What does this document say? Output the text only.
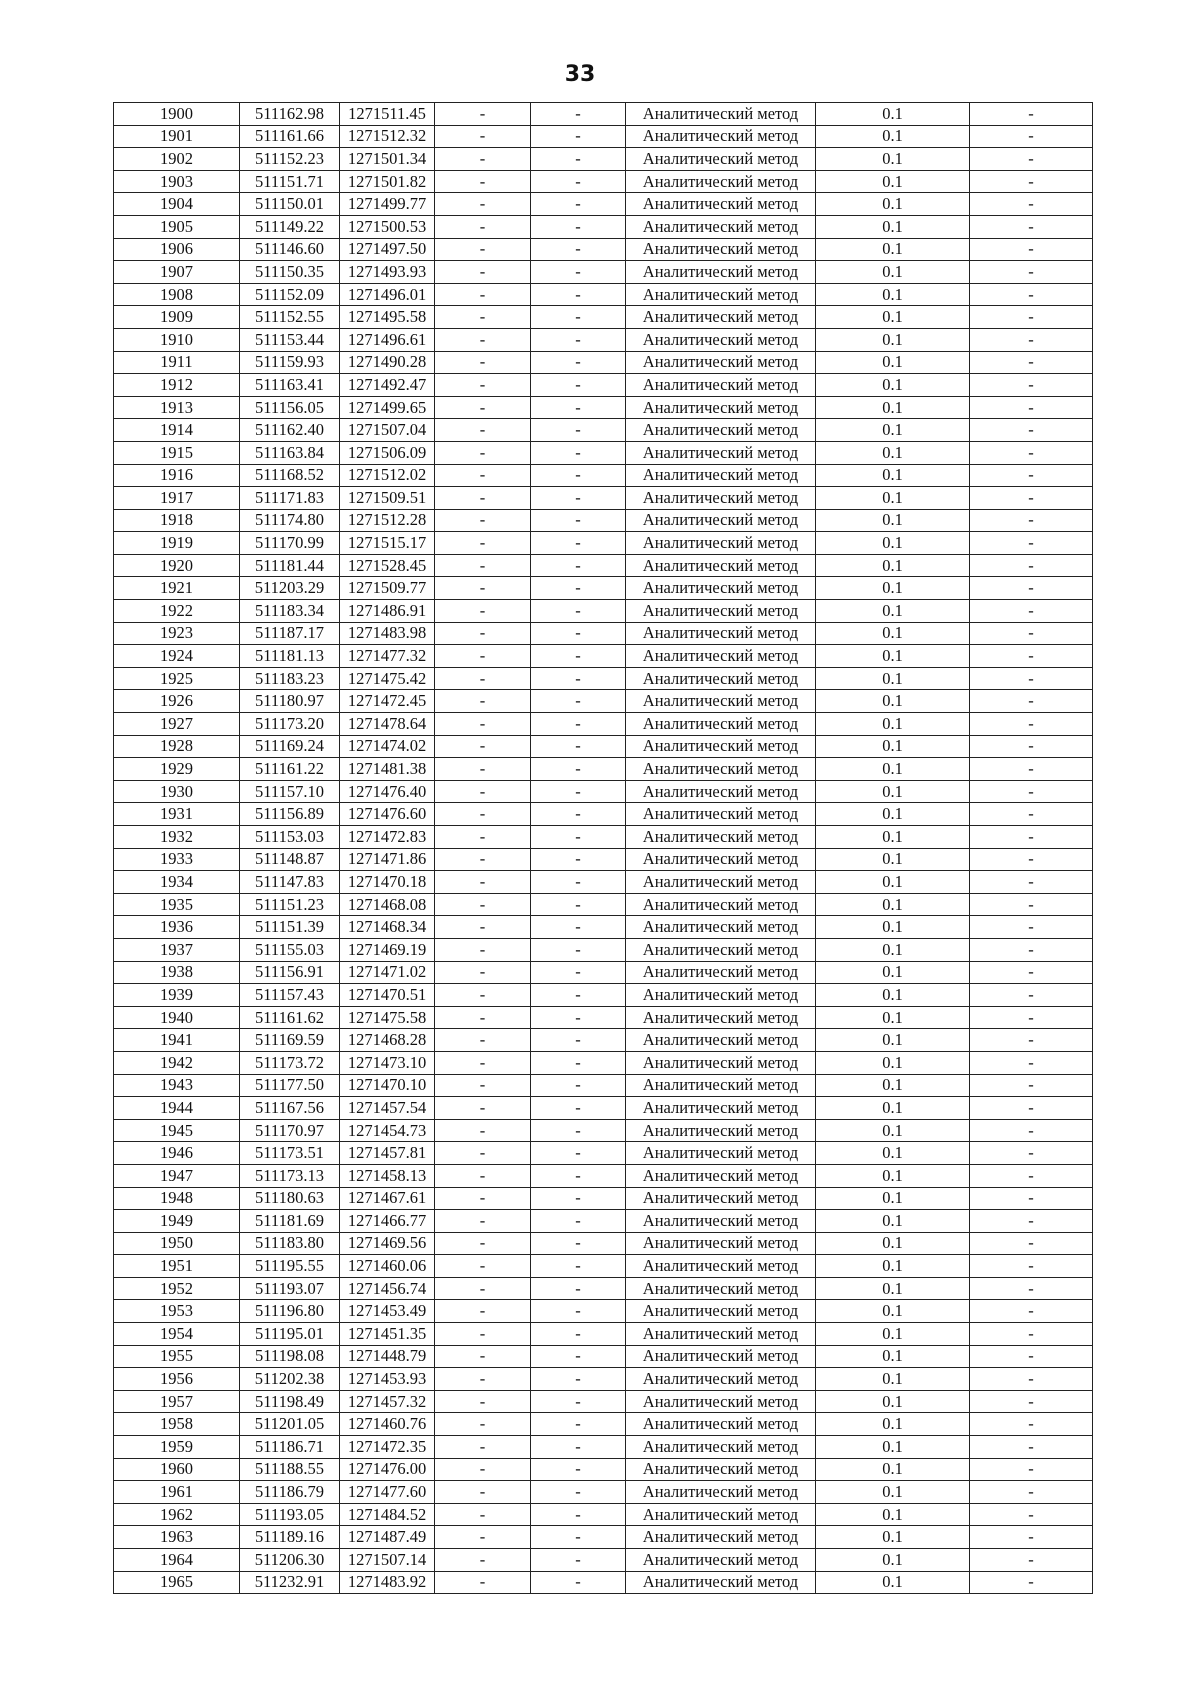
33
1900	511162.98	1271511.45	-	-	Аналитический метод	0.1	-
1901	511161.66	1271512.32	-	-	Аналитический метод	0.1	-
1902	511152.23	1271501.34	-	-	Аналитический метод	0.1	-
1903	511151.71	1271501.82	-	-	Аналитический метод	0.1	-
1904	511150.01	1271499.77	-	-	Аналитический метод	0.1	-
1905	511149.22	1271500.53	-	-	Аналитический метод	0.1	-
1906	511146.60	1271497.50	-	-	Аналитический метод	0.1	-
1907	511150.35	1271493.93	-	-	Аналитический метод	0.1	-
1908	511152.09	1271496.01	-	-	Аналитический метод	0.1	-
1909	511152.55	1271495.58	-	-	Аналитический метод	0.1	-
1910	511153.44	1271496.61	-	-	Аналитический метод	0.1	-
1911	511159.93	1271490.28	-	-	Аналитический метод	0.1	-
1912	511163.41	1271492.47	-	-	Аналитический метод	0.1	-
1913	511156.05	1271499.65	-	-	Аналитический метод	0.1	-
1914	511162.40	1271507.04	-	-	Аналитический метод	0.1	-
1915	511163.84	1271506.09	-	-	Аналитический метод	0.1	-
1916	511168.52	1271512.02	-	-	Аналитический метод	0.1	-
1917	511171.83	1271509.51	-	-	Аналитический метод	0.1	-
1918	511174.80	1271512.28	-	-	Аналитический метод	0.1	-
1919	511170.99	1271515.17	-	-	Аналитический метод	0.1	-
1920	511181.44	1271528.45	-	-	Аналитический метод	0.1	-
1921	511203.29	1271509.77	-	-	Аналитический метод	0.1	-
1922	511183.34	1271486.91	-	-	Аналитический метод	0.1	-
1923	511187.17	1271483.98	-	-	Аналитический метод	0.1	-
1924	511181.13	1271477.32	-	-	Аналитический метод	0.1	-
1925	511183.23	1271475.42	-	-	Аналитический метод	0.1	-
1926	511180.97	1271472.45	-	-	Аналитический метод	0.1	-
1927	511173.20	1271478.64	-	-	Аналитический метод	0.1	-
1928	511169.24	1271474.02	-	-	Аналитический метод	0.1	-
1929	511161.22	1271481.38	-	-	Аналитический метод	0.1	-
1930	511157.10	1271476.40	-	-	Аналитический метод	0.1	-
1931	511156.89	1271476.60	-	-	Аналитический метод	0.1	-
1932	511153.03	1271472.83	-	-	Аналитический метод	0.1	-
1933	511148.87	1271471.86	-	-	Аналитический метод	0.1	-
1934	511147.83	1271470.18	-	-	Аналитический метод	0.1	-
1935	511151.23	1271468.08	-	-	Аналитический метод	0.1	-
1936	511151.39	1271468.34	-	-	Аналитический метод	0.1	-
1937	511155.03	1271469.19	-	-	Аналитический метод	0.1	-
1938	511156.91	1271471.02	-	-	Аналитический метод	0.1	-
1939	511157.43	1271470.51	-	-	Аналитический метод	0.1	-
1940	511161.62	1271475.58	-	-	Аналитический метод	0.1	-
1941	511169.59	1271468.28	-	-	Аналитический метод	0.1	-
1942	511173.72	1271473.10	-	-	Аналитический метод	0.1	-
1943	511177.50	1271470.10	-	-	Аналитический метод	0.1	-
1944	511167.56	1271457.54	-	-	Аналитический метод	0.1	-
1945	511170.97	1271454.73	-	-	Аналитический метод	0.1	-
1946	511173.51	1271457.81	-	-	Аналитический метод	0.1	-
1947	511173.13	1271458.13	-	-	Аналитический метод	0.1	-
1948	511180.63	1271467.61	-	-	Аналитический метод	0.1	-
1949	511181.69	1271466.77	-	-	Аналитический метод	0.1	-
1950	511183.80	1271469.56	-	-	Аналитический метод	0.1	-
1951	511195.55	1271460.06	-	-	Аналитический метод	0.1	-
1952	511193.07	1271456.74	-	-	Аналитический метод	0.1	-
1953	511196.80	1271453.49	-	-	Аналитический метод	0.1	-
1954	511195.01	1271451.35	-	-	Аналитический метод	0.1	-
1955	511198.08	1271448.79	-	-	Аналитический метод	0.1	-
1956	511202.38	1271453.93	-	-	Аналитический метод	0.1	-
1957	511198.49	1271457.32	-	-	Аналитический метод	0.1	-
1958	511201.05	1271460.76	-	-	Аналитический метод	0.1	-
1959	511186.71	1271472.35	-	-	Аналитический метод	0.1	-
1960	511188.55	1271476.00	-	-	Аналитический метод	0.1	-
1961	511186.79	1271477.60	-	-	Аналитический метод	0.1	-
1962	511193.05	1271484.52	-	-	Аналитический метод	0.1	-
1963	511189.16	1271487.49	-	-	Аналитический метод	0.1	-
1964	511206.30	1271507.14	-	-	Аналитический метод	0.1	-
1965	511232.91	1271483.92	-	-	Аналитический метод	0.1	-
